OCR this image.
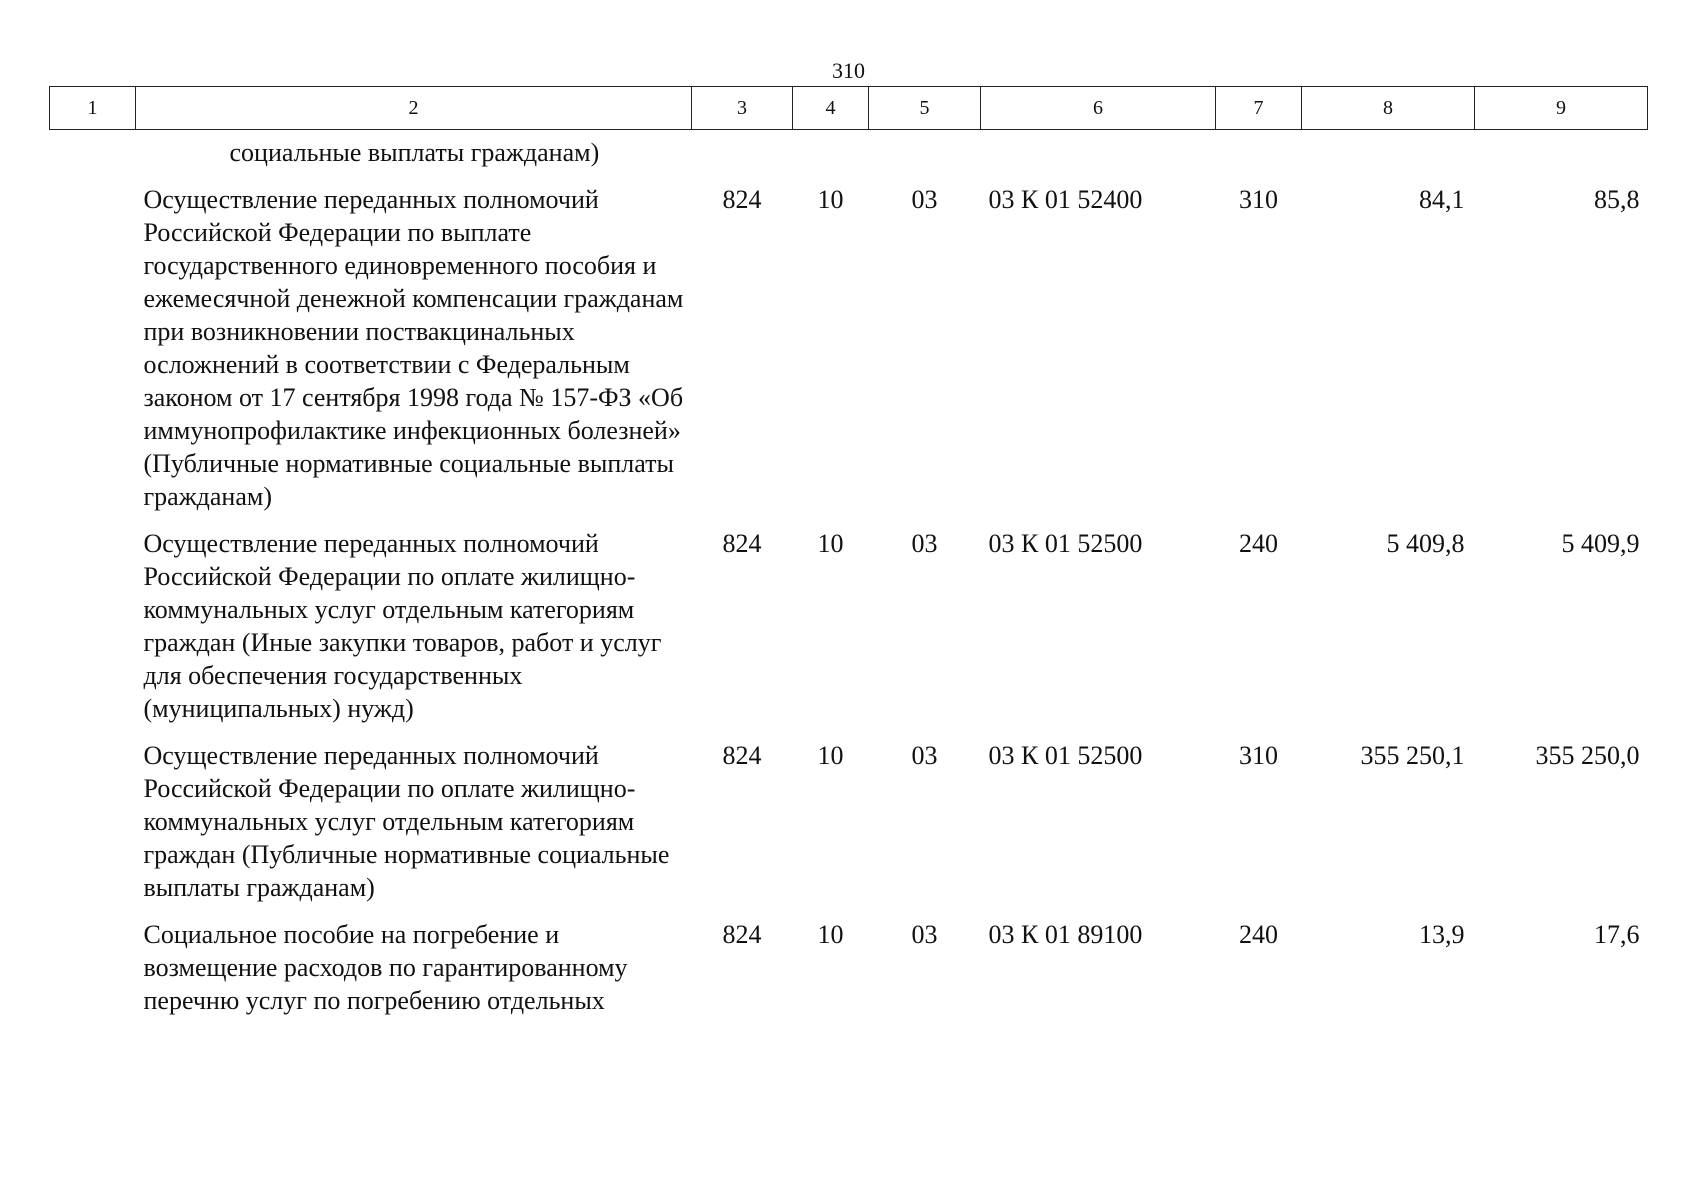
310
1	2	3	4	5	6	7	8	9
	социальные выплаты гражданам)							

	Осуществление переданных полномочий Российской Федерации по выплате государственного единовременного пособия и ежемесячной денежной компенсации гражданам при возникновении поствакцинальных осложнений в соответствии с Федеральным законом от 17 сентября 1998 года № 157-ФЗ «Об иммунопрофилактике инфекционных болезней» (Публичные нормативные социальные выплаты гражданам)	824	10	03	03 К 01 52400	310	84,1	85,8

	Осуществление переданных полномочий Российской Федерации по оплате жилищно-коммунальных услуг отдельным категориям граждан (Иные закупки товаров, работ и услуг для обеспечения государственных (муниципальных) нужд)	824	10	03	03 К 01 52500	240	5 409,8	5 409,9

	Осуществление переданных полномочий Российской Федерации по оплате жилищно-коммунальных услуг отдельным категориям граждан (Публичные нормативные социальные выплаты гражданам)	824	10	03	03 К 01 52500	310	355 250,1	355 250,0

	Социальное пособие на погребение и возмещение расходов по гарантированному перечню услуг по погребению отдельных	824	10	03	03 К 01 89100	240	13,9	17,6
